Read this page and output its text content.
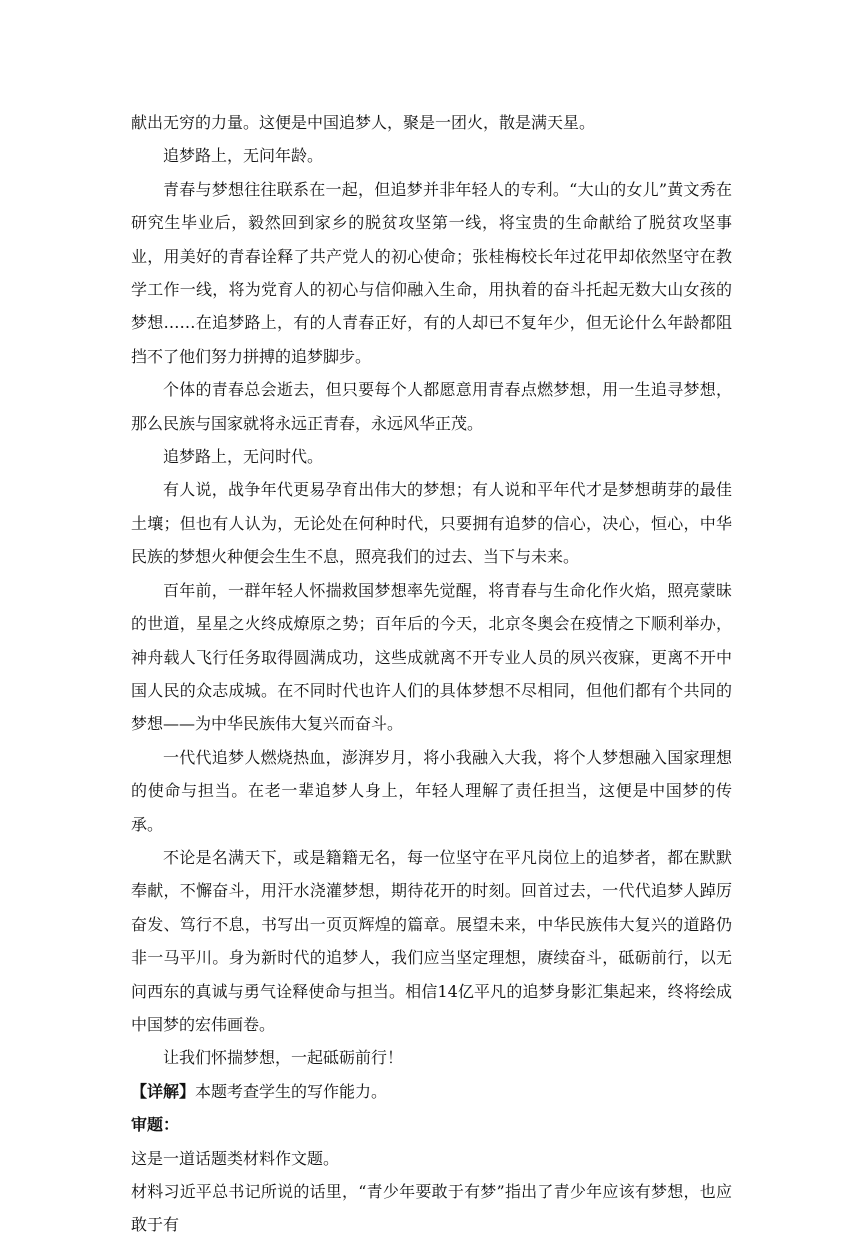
献出无穷的力量。这便是中国追梦人，聚是一团火，散是满天星。

追梦路上，无问年龄。

青春与梦想往往联系在一起，但追梦并非年轻人的专利。“大山的女儿”黄文秀在研究生毕业后，毅然回到家乡的脱贫攻坚第一线，将宝贵的生命献给了脱贫攻坚事业，用美好的青春诠释了共产党人的初心使命；张桂梅校长年过花甲却依然坚守在教学工作一线，将为党育人的初心与信仰融入生命，用执着的奋斗托起无数大山女孩的梦想……在追梦路上，有的人青春正好，有的人却已不复年少，但无论什么年龄都阻挡不了他们努力拼搏的追梦脚步。

个体的青春总会逝去，但只要每个人都愿意用青春点燃梦想，用一生追寻梦想，那么民族与国家就将永远正青春，永远风华正茂。

追梦路上，无问时代。

有人说，战争年代更易孕育出伟大的梦想；有人说和平年代才是梦想萌芽的最佳土壤；但也有人认为，无论处在何种时代，只要拥有追梦的信心，决心，恒心，中华民族的梦想火种便会生生不息，照亮我们的过去、当下与未来。

百年前，一群年轻人怀揣救国梦想率先觉醒，将青春与生命化作火焰，照亮蒙昧的世道，星星之火终成燎原之势；百年后的今天，北京冬奥会在疫情之下顺利举办，神舟载人飞行任务取得圆满成功，这些成就离不开专业人员的夙兴夜寐，更离不开中国人民的众志成城。在不同时代也许人们的具体梦想不尽相同，但他们都有个共同的梦想——为中华民族伟大复兴而奋斗。

一代代追梦人燃烧热血，澎湃岁月，将小我融入大我，将个人梦想融入国家理想的使命与担当。在老一辈追梦人身上，年轻人理解了责任担当，这便是中国梦的传承。

不论是名满天下，或是籍籍无名，每一位坚守在平凡岗位上的追梦者，都在默默奉献，不懈奋斗，用汗水浇灌梦想，期待花开的时刻。回首过去，一代代追梦人踔厉奋发、笃行不息，书写出一页页辉煌的篇章。展望未来，中华民族伟大复兴的道路仍非一马平川。身为新时代的追梦人，我们应当坚定理想，赓续奋斗，砥砺前行，以无问西东的真诚与勇气诠释使命与担当。相信14亿平凡的追梦身影汇集起来，终将绘成中国梦的宏伟画卷。

让我们怀揣梦想，一起砥砺前行！

【详解】本题考查学生的写作能力。

审题：

这是一道话题类材料作文题。

材料习近平总书记所说的话里，“青少年要敢于有梦”指出了青少年应该有梦想，也应敢于有
